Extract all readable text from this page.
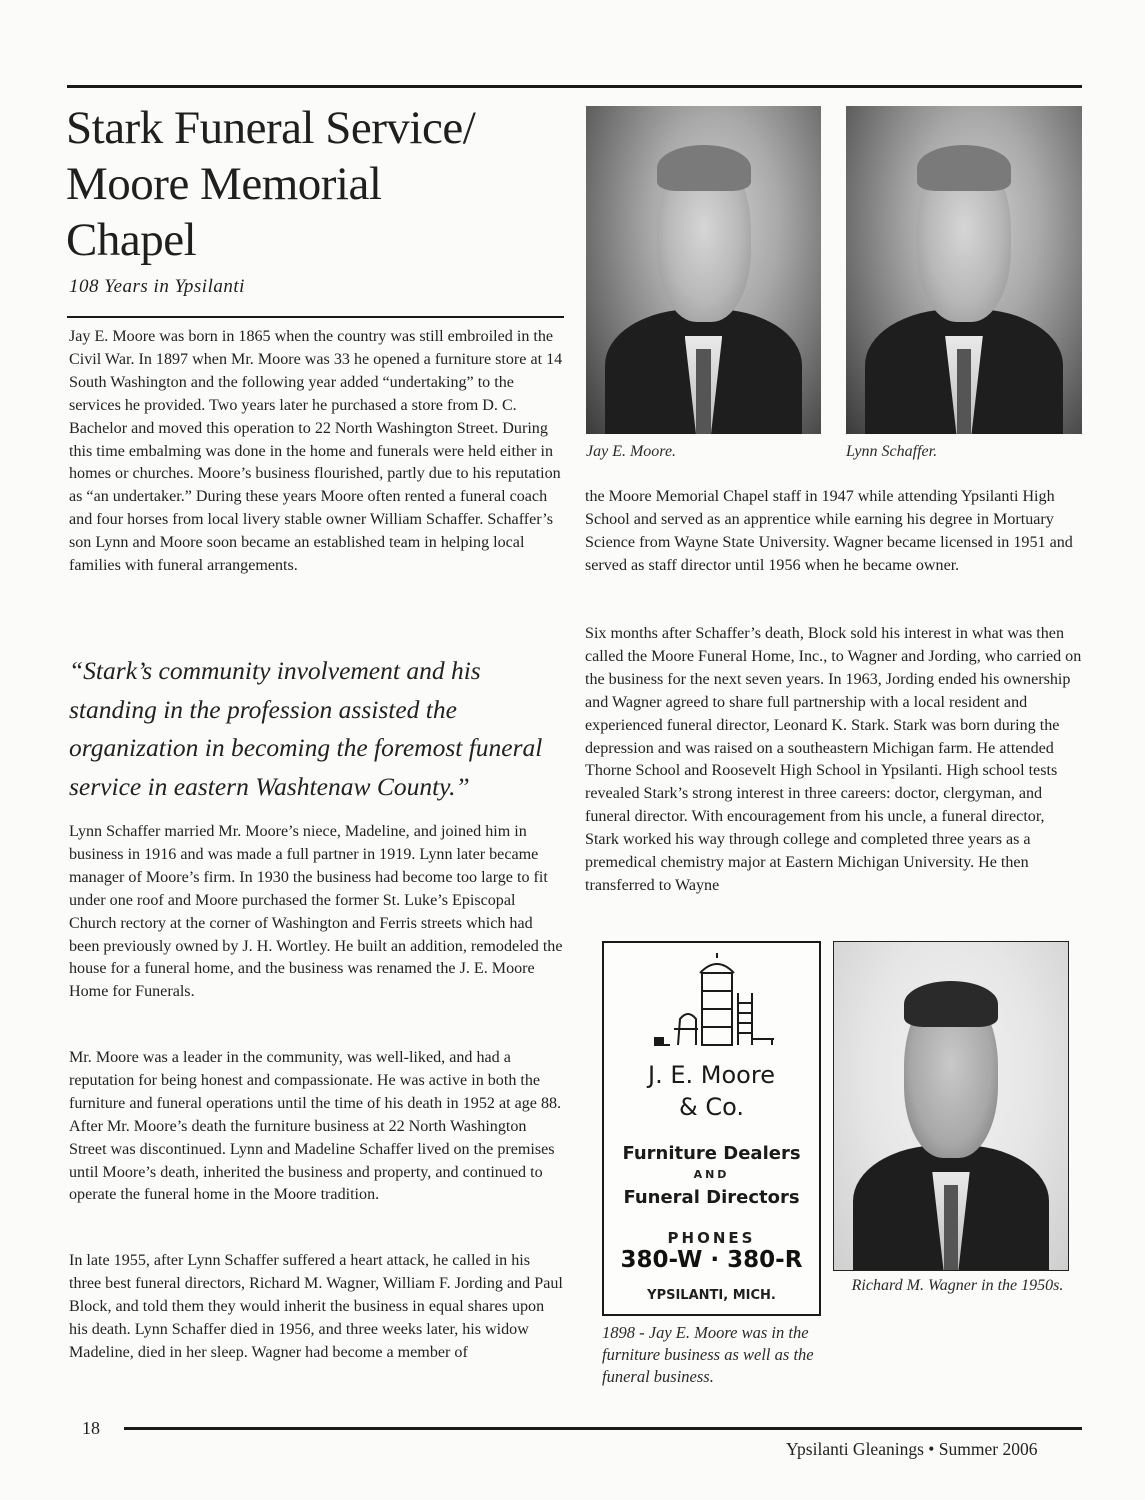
Stark Funeral Service/
Moore Memorial
Chapel
108 Years in Ypsilanti

Jay E. Moore was born in 1865 when the country was still embroiled in the Civil War. In 1897 when Mr. Moore was 33 he opened a furniture store at 14 South Washington and the following year added “undertaking” to the services he provided. Two years later he purchased a store from D. C. Bachelor and moved this operation to 22 North Washington Street. During this time embalming was done in the home and funerals were held either in homes or churches. Moore’s business flourished, partly due to his reputation as “an undertaker.” During these years Moore often rented a funeral coach and four horses from local livery stable owner William Schaffer. Schaffer’s son Lynn and Moore soon became an established team in helping local families with funeral arrangements.

“Stark’s community involvement and his standing in the profession assisted the organization in becoming the foremost funeral service in eastern Washtenaw County.”

Lynn Schaffer married Mr. Moore’s niece, Madeline, and joined him in business in 1916 and was made a full partner in 1919. Lynn later became manager of Moore’s firm. In 1930 the business had become too large to fit under one roof and Moore purchased the former St. Luke’s Episcopal Church rectory at the corner of Washington and Ferris streets which had been previously owned by J. H. Wortley. He built an addition, remodeled the house for a funeral home, and the business was renamed the J. E. Moore Home for Funerals.

Mr. Moore was a leader in the community, was well-liked, and had a reputation for being honest and compassionate. He was active in both the furniture and funeral operations until the time of his death in 1952 at age 88. After Mr. Moore’s death the furniture business at 22 North Washington Street was discontinued. Lynn and Madeline Schaffer lived on the premises until Moore’s death, inherited the business and property, and continued to operate the funeral home in the Moore tradition.

In late 1955, after Lynn Schaffer suffered a heart attack, he called in his three best funeral directors, Richard M. Wagner, William F. Jording and Paul Block, and told them they would inherit the business in equal shares upon his death. Lynn Schaffer died in 1956, and three weeks later, his widow Madeline, died in her sleep. Wagner had become a member of

Jay E. Moore.	Lynn Schaffer.

the Moore Memorial Chapel staff in 1947 while attending Ypsilanti High School and served as an apprentice while earning his degree in Mortuary Science from Wayne State University. Wagner became licensed in 1951 and served as staff director until 1956 when he became owner.

Six months after Schaffer’s death, Block sold his interest in what was then called the Moore Funeral Home, Inc., to Wagner and Jording, who carried on the business for the next seven years. In 1963, Jording ended his ownership and Wagner agreed to share full partnership with a local resident and experienced funeral director, Leonard K. Stark. Stark was born during the depression and was raised on a southeastern Michigan farm. He attended Thorne School and Roosevelt High School in Ypsilanti. High school tests revealed Stark’s strong interest in three careers: doctor, clergyman, and funeral director. With encouragement from his uncle, a funeral director, Stark worked his way through college and completed three years as a premedical chemistry major at Eastern Michigan University. He then transferred to Wayne

J. E. Moore
& Co.
Furniture Dealers
AND
Funeral Directors
PHONES
380-W · 380-R
YPSILANTI, MICH.

Richard M. Wagner in the 1950s.

1898 - Jay E. Moore was in the furniture business as well as the funeral business.

18
Ypsilanti Gleanings • Summer 2006
